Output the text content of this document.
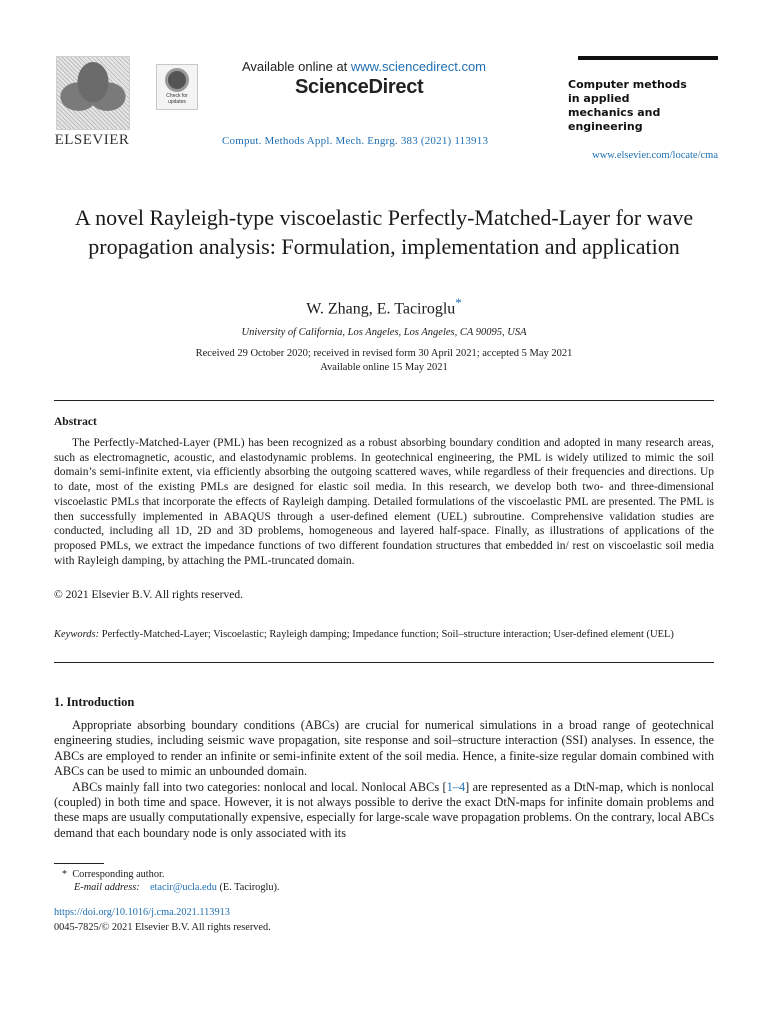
ELSEVIER
Check for updates
Available online at www.sciencedirect.com
ScienceDirect
Comput. Methods Appl. Mech. Engrg. 383 (2021) 113913
Computer methods
in applied
mechanics and
engineering
www.elsevier.com/locate/cma
A novel Rayleigh-type viscoelastic Perfectly-Matched-Layer for wave propagation analysis: Formulation, implementation and application
W. Zhang, E. Taciroglu*
University of California, Los Angeles, Los Angeles, CA 90095, USA
Received 29 October 2020; received in revised form 30 April 2021; accepted 5 May 2021
Available online 15 May 2021
Abstract
The Perfectly-Matched-Layer (PML) has been recognized as a robust absorbing boundary condition and adopted in many research areas, such as electromagnetic, acoustic, and elastodynamic problems. In geotechnical engineering, the PML is widely utilized to mimic the soil domain’s semi-infinite extent, via efficiently absorbing the outgoing scattered waves, while regardless of their frequencies and directions. Up to date, most of the existing PMLs are designed for elastic soil media. In this research, we develop both two- and three-dimensional viscoelastic PMLs that incorporate the effects of Rayleigh damping. Detailed formulations of the viscoelastic PML are presented. The PML is then successfully implemented in ABAQUS through a user-defined element (UEL) subroutine. Comprehensive validation studies are conducted, including all 1D, 2D and 3D problems, homogeneous and layered half-space. Finally, as illustrations of applications of the proposed PMLs, we extract the impedance functions of two different foundation structures that embedded in/ rest on viscoelastic soil media with Rayleigh damping, by attaching the PML-truncated domain.
© 2021 Elsevier B.V. All rights reserved.
Keywords: Perfectly-Matched-Layer; Viscoelastic; Rayleigh damping; Impedance function; Soil–structure interaction; User-defined element (UEL)
1. Introduction

Appropriate absorbing boundary conditions (ABCs) are crucial for numerical simulations in a broad range of geotechnical engineering studies, including seismic wave propagation, site response and soil–structure interaction (SSI) analyses. In essence, the ABCs are employed to render an infinite or semi-infinite extent of the soil media. Hence, a finite-size regular domain combined with ABCs can be used to mimic an unbounded domain.

ABCs mainly fall into two categories: nonlocal and local. Nonlocal ABCs [1–4] are represented as a DtN-map, which is nonlocal (coupled) in both time and space. However, it is not always possible to derive the exact DtN-maps for infinite domain problems and these maps are usually computationally expensive, especially for large-scale wave propagation problems. On the contrary, local ABCs demand that each boundary node is only associated with its

* Corresponding author.
E-mail address: etacir@ucla.edu (E. Taciroglu).
https://doi.org/10.1016/j.cma.2021.113913
0045-7825/© 2021 Elsevier B.V. All rights reserved.
